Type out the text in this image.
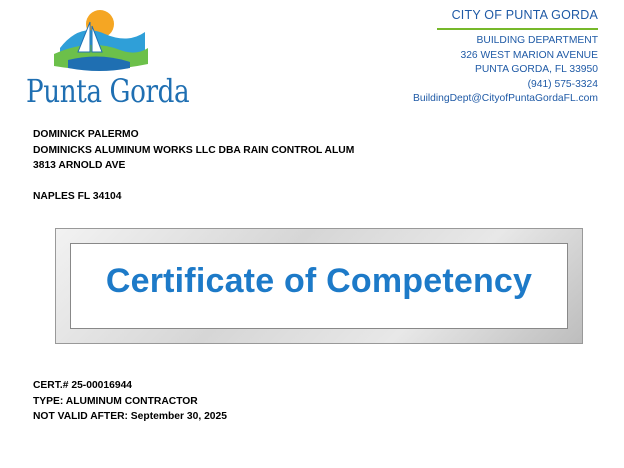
Punta Gorda
CITY OF PUNTA GORDA
BUILDING DEPARTMENT
326 WEST MARION AVENUE
PUNTA GORDA, FL 33950
(941) 575-3324
BuildingDept@CityofPuntaGordaFL.com
DOMINICK PALERMO
DOMINICKS ALUMINUM WORKS LLC DBA RAIN CONTROL ALUM
3813 ARNOLD AVE
NAPLES FL 34104
Certificate of Competency
CERT.# 25-00016944
TYPE: ALUMINUM CONTRACTOR
NOT VALID AFTER: September 30, 2025
